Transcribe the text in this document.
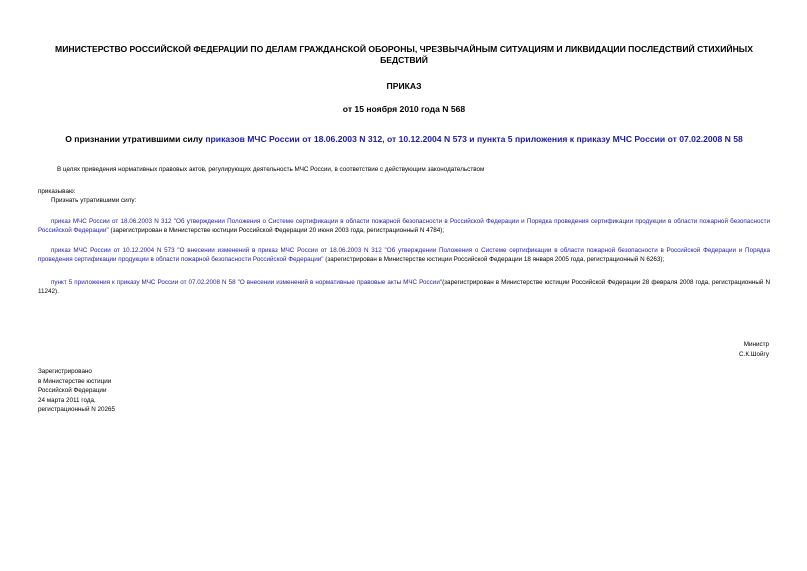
МИНИСТЕРСТВО РОССИЙСКОЙ ФЕДЕРАЦИИ ПО ДЕЛАМ ГРАЖДАНСКОЙ ОБОРОНЫ, ЧРЕЗВЫЧАЙНЫМ СИТУАЦИЯМ И ЛИКВИДАЦИИ ПОСЛЕДСТВИЙ СТИХИЙНЫХ

БЕДСТВИЙ

ПРИКАЗ
от 15 ноября 2010 года N 568
О признании утратившими силу приказов МЧС России от 18.06.2003 N 312, от 10.12.2004 N 573 и пункта 5 приложения к приказу МЧС России от 07.02.2008 N 58
В целях приведения нормативных правовых актов, регулирующих деятельность МЧС России, в соответствие с действующим законодательством
приказываю:
Признать утратившими силу:

приказ МЧС России от 18.06.2003 N 312 "Об утверждении Положения о Системе сертификации в области пожарной безопасности в Российской Федерации и Порядка проведения сертификации продукции в области пожарной безопасности Российской Федерации" (зарегистрирован в Министерстве юстиции Российской Федерации 20 июня 2003 года, регистрационный N 4784);

приказ МЧС России от 10.12.2004 N 573 "О внесении изменений в приказ МЧС России от 18.06.2003 N 312 "Об утверждении Положения о Системе сертификации в области пожарной безопасности в Российской Федерации и Порядка проведения сертификации продукции в области пожарной безопасности Российской Федерации" (зарегистрирован в Министерстве юстиции Российской Федерации 18 января 2005 года, регистрационный N 6263);

пункт 5 приложения к приказу МЧС России от 07.02.2008 N 58 "О внесении изменений в нормативные правовые акты МЧС России"(зарегистрирован в Министерстве юстиции Российской Федерации 28 февраля 2008 года, регистрационный N 11242).

Министр
С.К.Шойгу
Зарегистрировано
в Министерстве юстиции
Российской Федерации
24 марта 2011 года,
регистрационный N 20265
